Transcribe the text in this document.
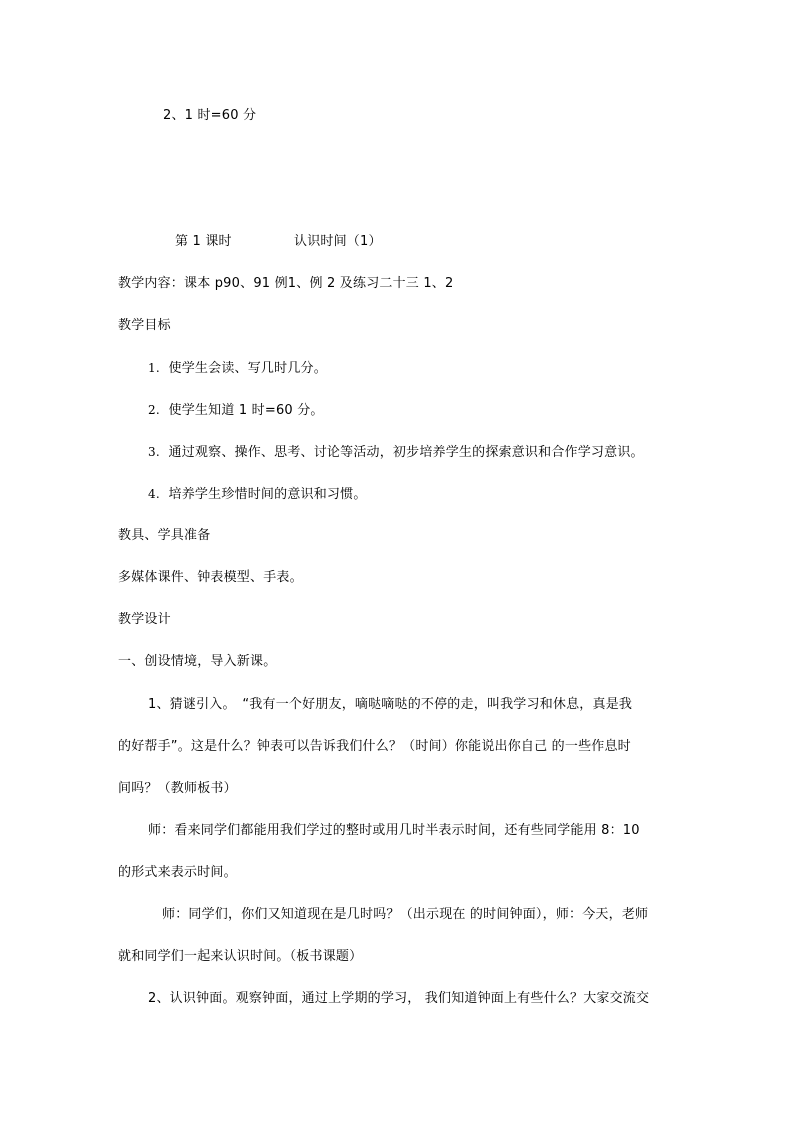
2、1 时=60 分
第 1 课时	认识时间（1）
教学内容：课本 p90、91 例1、例 2 及练习二十三 1、2
教学目标
1. 使学生会读、写几时几分。
2. 使学生知道 1 时=60 分。
3. 通过观察、操作、思考、讨论等活动，初步培养学生的探索意识和合作学习意识。
4. 培养学生珍惜时间的意识和习惯。
教具、学具准备
多媒体课件、钟表模型、手表。
教学设计
一、创设情境，导入新课。
1、猜谜引入。　“我有一个好朋友，嘀哒嘀哒的不停的走，叫我学习和休息，真是我
的好帮手”。这是什么？钟表可以告诉我们什么？（时间）你能说出你自己 的一些作息时
间吗？（教师板书）
师：看来同学们都能用我们学过的整时或用几时半表示时间，还有些同学能用 8：10
的形式来表示时间。
师：同学们，你们又知道现在是几时吗？（出示现在 的时间钟面），师：今天，老师
就和同学们一起来认识时间。（板书课题）
2、认识钟面。观察钟面，通过上学期的学习， 我们知道钟面上有些什么？大家交流交
